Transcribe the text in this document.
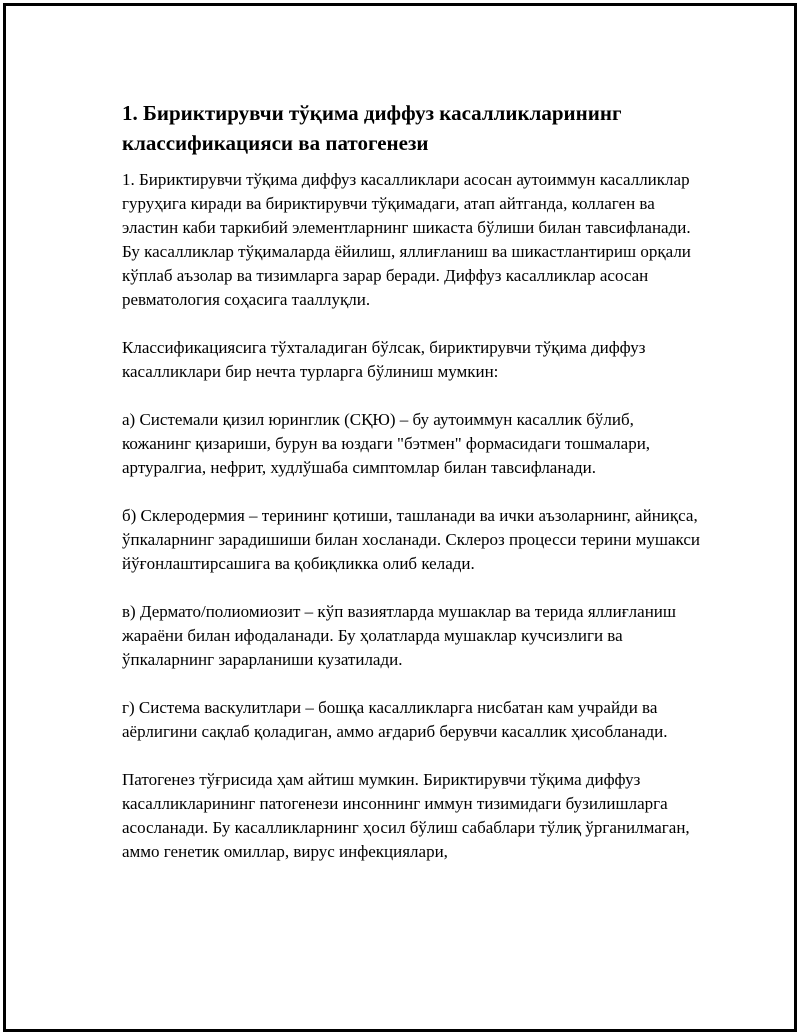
1. Бириктирувчи тўқима диффуз касалликларининг классификацияси ва патогенези

1. Бириктирувчи тўқима диффуз касалликлари асосан аутоиммун касалликлар гуруҳига киради ва бириктирувчи тўқимадаги, атап айтганда, коллаген ва эластин каби таркибий элементларнинг шикаста бўлиши билан тавсифланади. Бу касалликлар тўқималарда ёйилиш, яллиғланиш ва шикастлантириш орқали кўплаб аъзолар ва тизимларга зарар беради. Диффуз касалликлар асосан ревматология соҳасига тааллуқли.

Классификациясига тўхталадиган бўлсак, бириктирувчи тўқима диффуз касалликлари бир нечта турларга бўлиниш мумкин:

а) Системали қизил юринглик (СҚЮ) – бу аутоиммун касаллик бўлиб, кожанинг қизариши, бурун ва юздаги "бэтмен" формасидаги тошмалари, артуралгиа, нефрит, худлўшаба симптомлар билан тавсифланади.

б) Склеродермия – терининг қотиши, ташланади ва ички аъзоларнинг, айниқса, ўпкаларнинг зарадишиши билан хосланади. Склероз процесси терини мушакси йўғонлаштирсашига ва қобиқликка олиб келади.

в) Дермато/полиомиозит – кўп вазиятларда мушаклар ва терида яллиғланиш жараёни билан ифодаланади. Бу ҳолатларда мушаклар кучсизлиги ва ўпкаларнинг зарарланиши кузатилади.

г) Система васкулитлари – бошқа касалликларга нисбатан кам учрайди ва аёрлигини сақлаб қоладиган, аммо ағдариб берувчи касаллик ҳисобланади.

Патогенез тўғрисида ҳам айтиш мумкин. Бириктирувчи тўқима диффуз касалликларининг патогенези инсоннинг иммун тизимидаги бузилишларга асосланади. Бу касалликларнинг ҳосил бўлиш сабаблари тўлиқ ўрганилмаган, аммо генетик омиллар, вирус инфекциялари,
